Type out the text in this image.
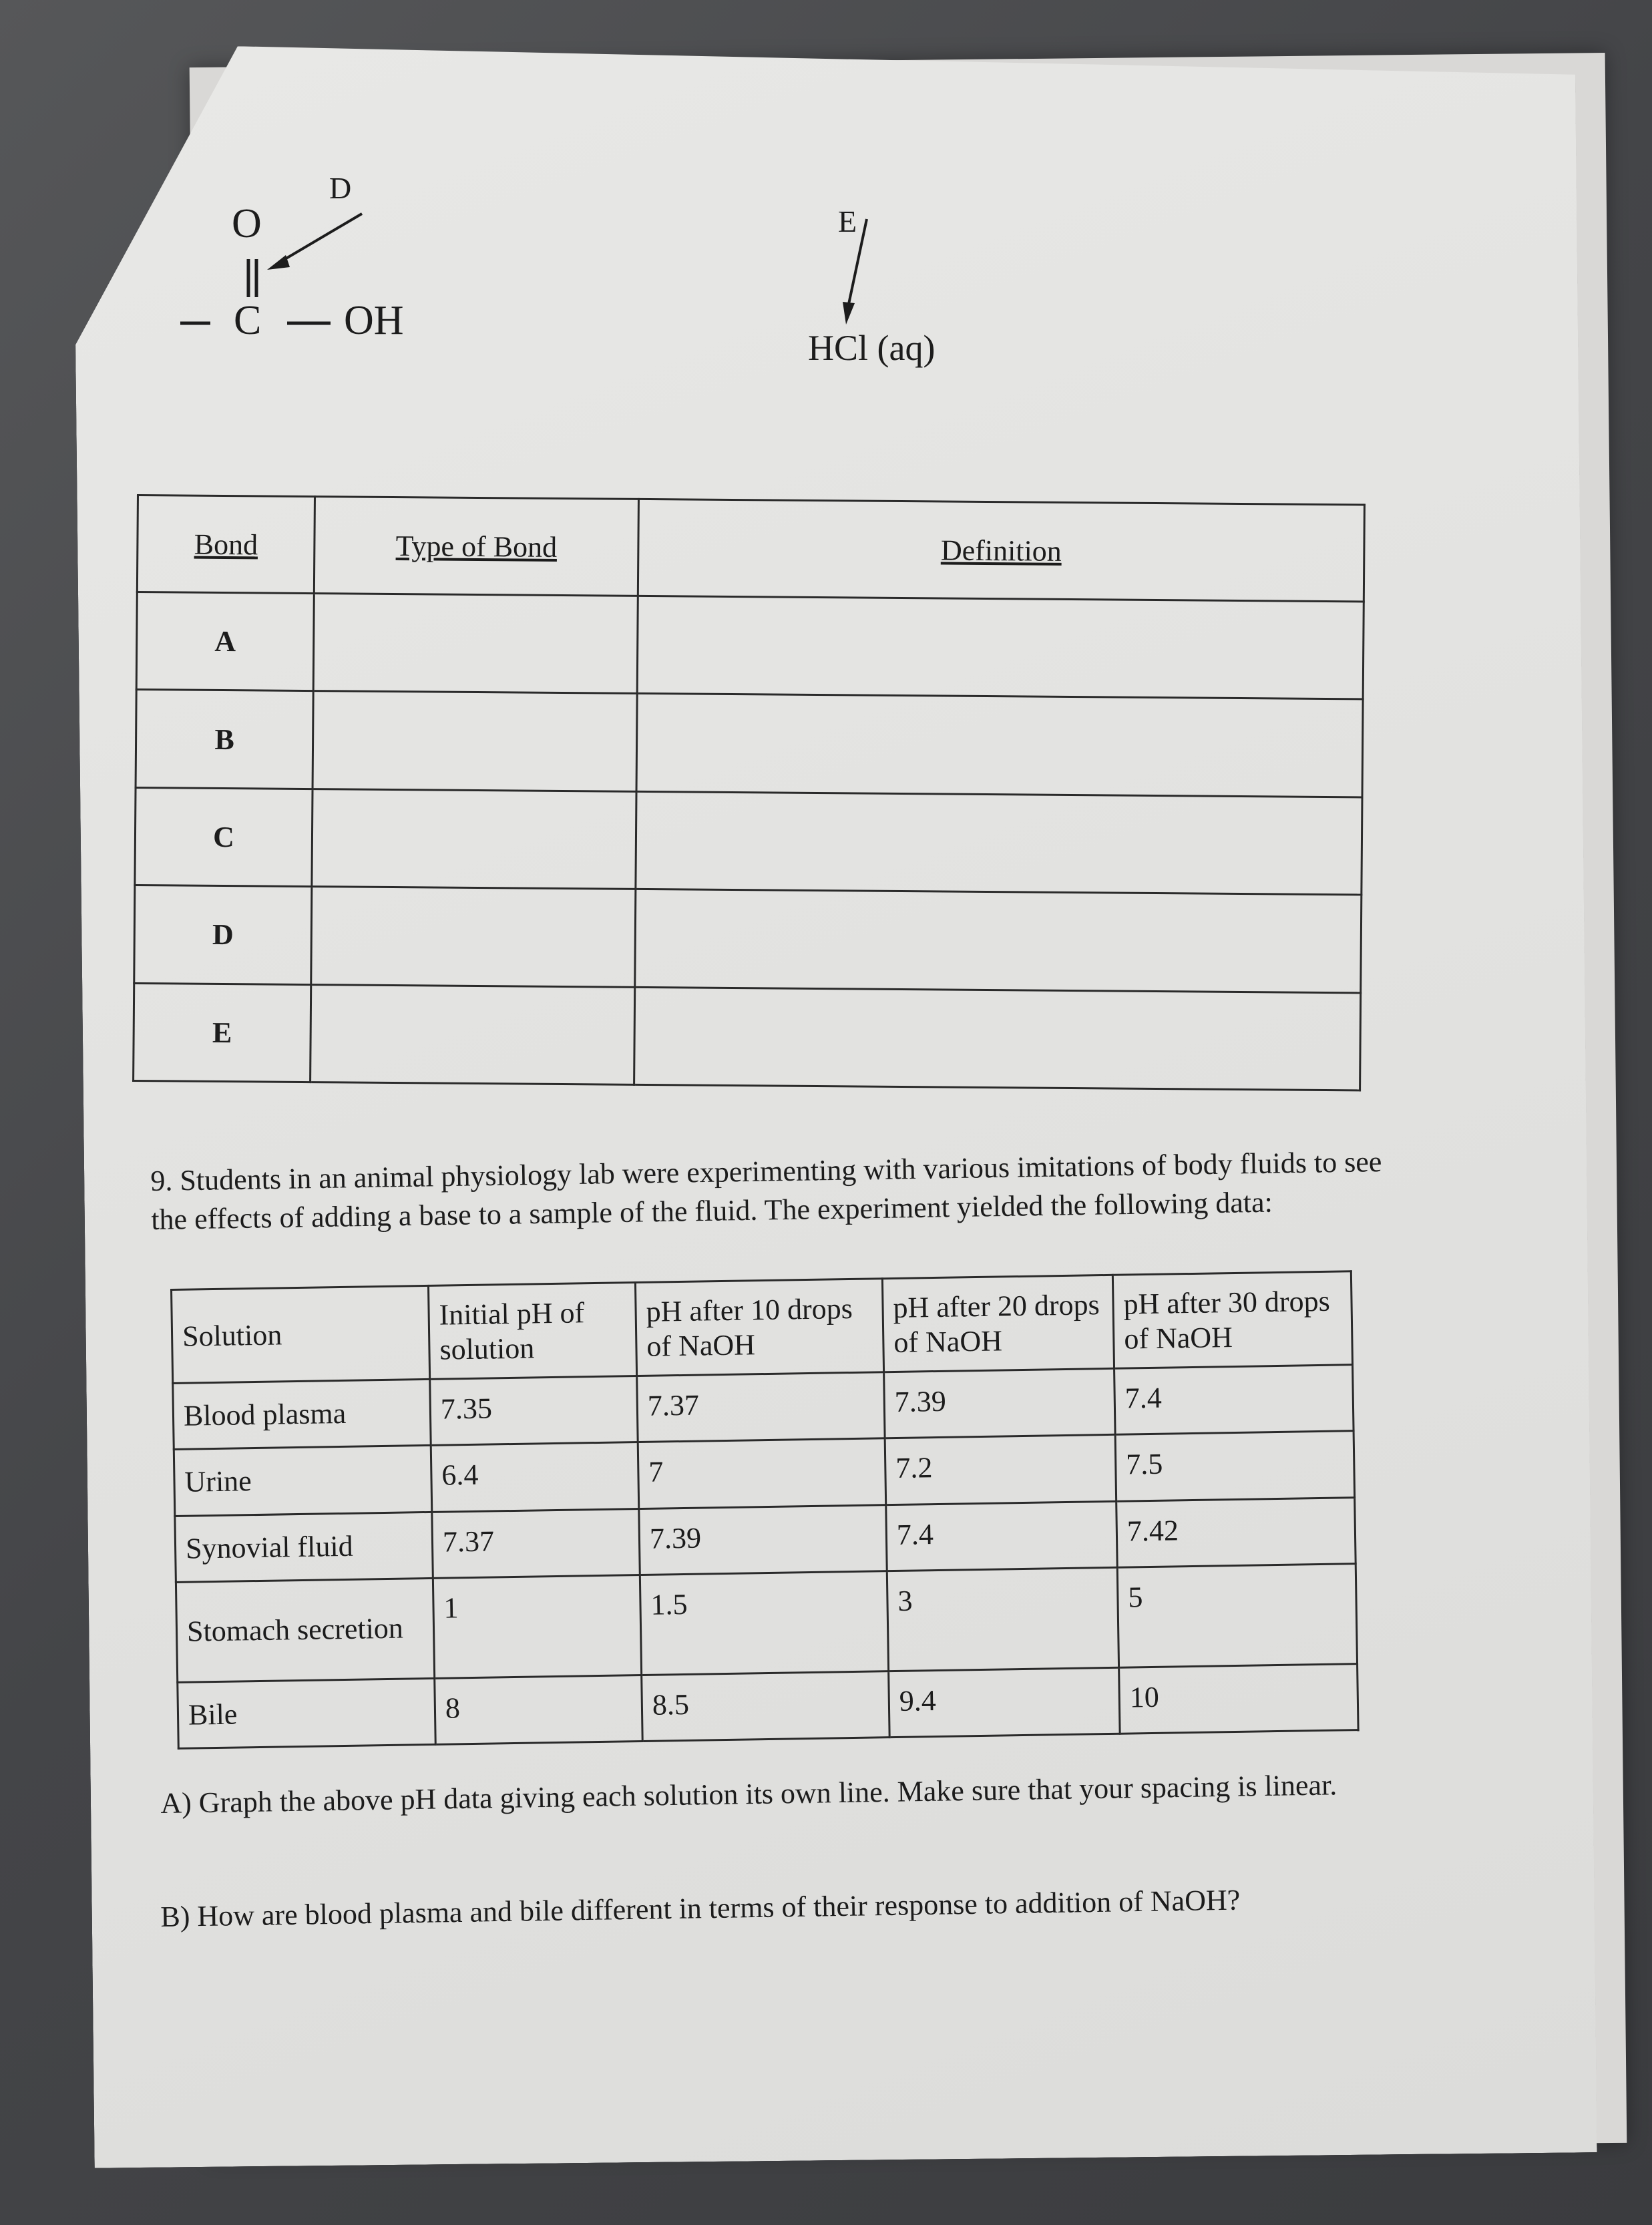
D
O
C OH
E
HCl (aq)
Bond	Type of Bond	Definition
A		
B		
C		
D		
E		
9. Students in an animal physiology lab were experimenting with various imitations of body fluids to see
the effects of adding a base to a sample of the fluid. The experiment yielded the following data:
Solution	Initial pH of solution	pH after 10 drops of NaOH	pH after 20 drops of NaOH	pH after 30 drops of NaOH
Blood plasma	7.35	7.37	7.39	7.4
Urine	6.4	7	7.2	7.5
Synovial fluid	7.37	7.39	7.4	7.42
Stomach secretion	1	1.5	3	5
Bile	8	8.5	9.4	10
A) Graph the above pH data giving each solution its own line. Make sure that your spacing is linear.
B) How are blood plasma and bile different in terms of their response to addition of NaOH?
